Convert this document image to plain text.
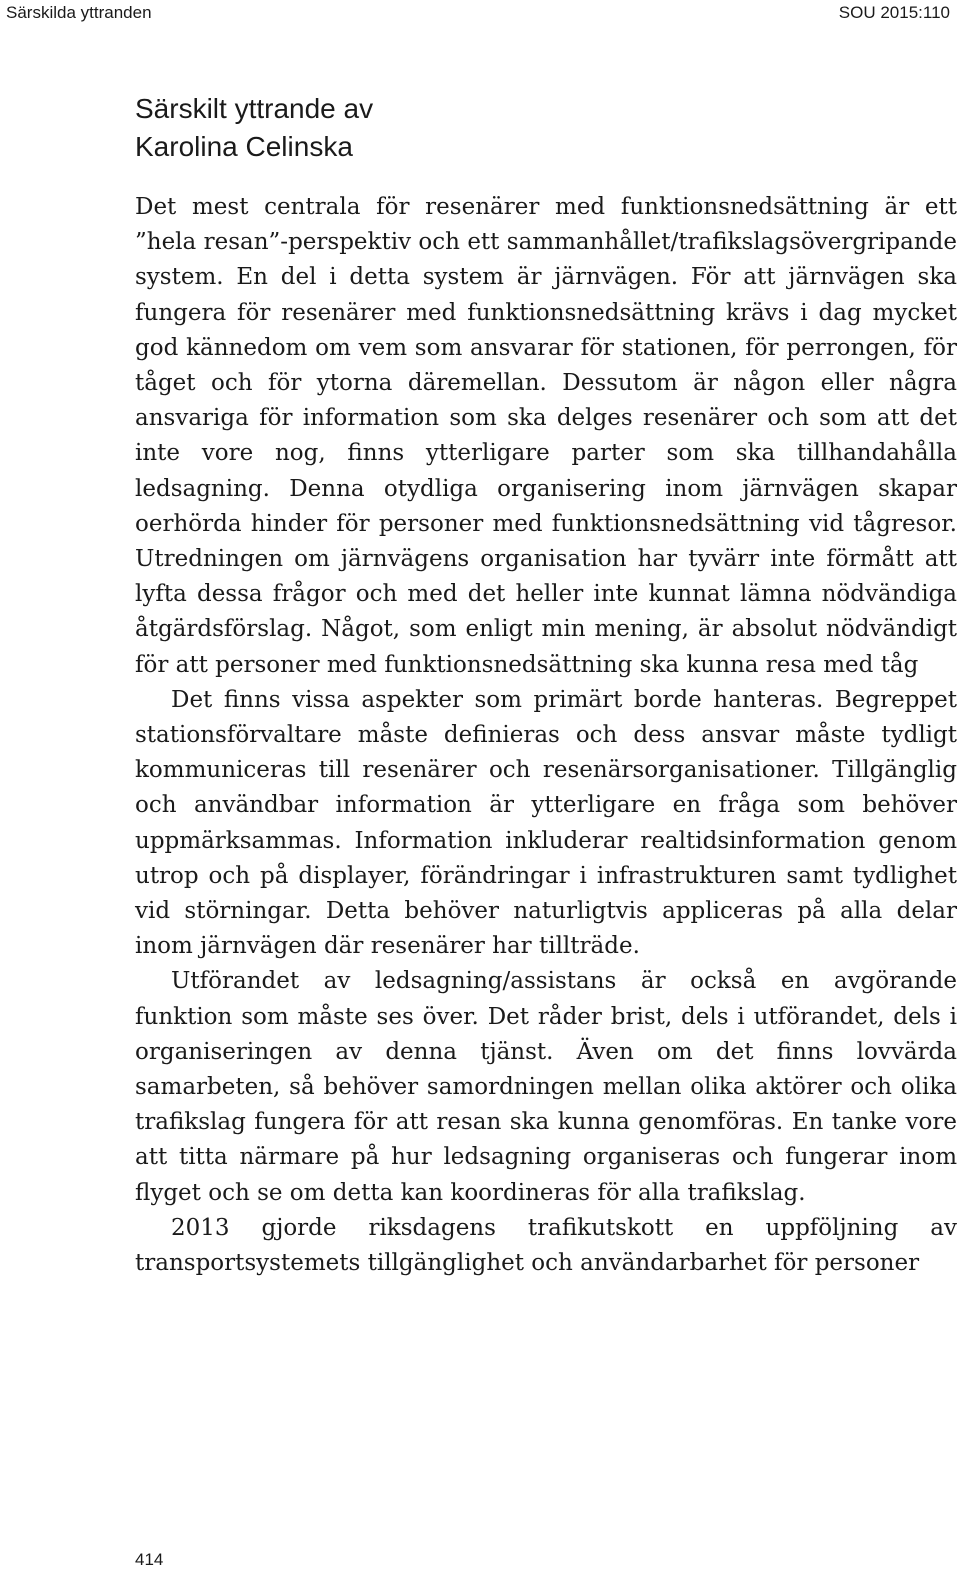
Särskilda yttranden	SOU 2015:110
Särskilt yttrande av
Karolina Celinska

Det mest centrala för resenärer med funktionsnedsättning är ett ”hela resan”-perspektiv och ett sammanhållet/trafikslagsövergripande system. En del i detta system är järnvägen. För att järnvägen ska fungera för resenärer med funktionsnedsättning krävs i dag mycket god kännedom om vem som ansvarar för stationen, för perrongen, för tåget och för ytorna däremellan. Dessutom är någon eller några ansvariga för information som ska delges resenärer och som att det inte vore nog, finns ytterligare parter som ska tillhandahålla ledsagning. Denna otydliga organisering inom järnvägen skapar oerhörda hinder för personer med funktionsnedsättning vid tågresor. Utredningen om järnvägens organisation har tyvärr inte förmått att lyfta dessa frågor och med det heller inte kunnat lämna nödvändiga åtgärdsförslag. Något, som enligt min mening, är absolut nödvändigt för att personer med funktionsnedsättning ska kunna resa med tåg

Det finns vissa aspekter som primärt borde hanteras. Begreppet stationsförvaltare måste definieras och dess ansvar måste tydligt kommuniceras till resenärer och resenärsorganisationer. Tillgänglig och användbar information är ytterligare en fråga som behöver uppmärksammas. Information inkluderar realtidsinformation genom utrop och på displayer, förändringar i infrastrukturen samt tydlighet vid störningar. Detta behöver naturligtvis appliceras på alla delar inom järnvägen där resenärer har tillträde.

Utförandet av ledsagning/assistans är också en avgörande funktion som måste ses över. Det råder brist, dels i utförandet, dels i organiseringen av denna tjänst. Även om det finns lovvärda samarbeten, så behöver samordningen mellan olika aktörer och olika trafikslag fungera för att resan ska kunna genomföras. En tanke vore att titta närmare på hur ledsagning organiseras och fungerar inom flyget och se om detta kan koordineras för alla trafikslag.

2013 gjorde riksdagens trafikutskott en uppföljning av transportsystemets tillgänglighet och användarbarhet för personer

414
